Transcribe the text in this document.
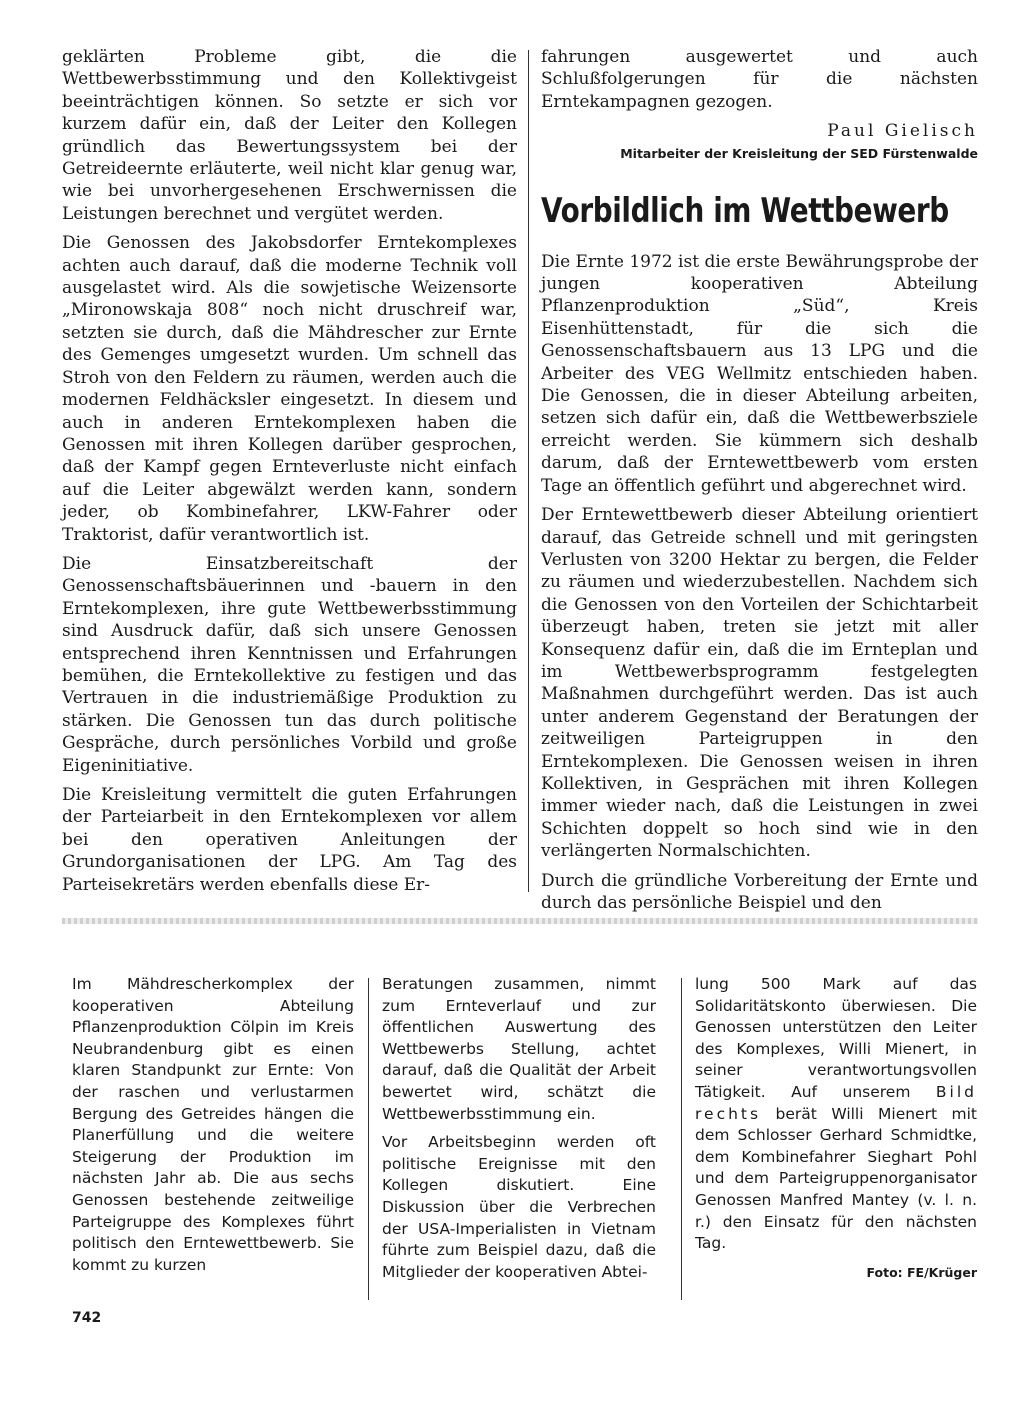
geklärten Probleme gibt, die die Wettbewerbsstimmung und den Kollektivgeist beeinträchtigen können. So setzte er sich vor kurzem dafür ein, daß der Leiter den Kollegen gründlich das Bewertungssystem bei der Getreideernte erläuterte, weil nicht klar genug war, wie bei unvorhergesehenen Erschwernissen die Leistungen berechnet und vergütet werden.

Die Genossen des Jakobsdorfer Erntekomplexes achten auch darauf, daß die moderne Technik voll ausgelastet wird. Als die sowjetische Weizensorte „Mironowskaja 808“ noch nicht druschreif war, setzten sie durch, daß die Mähdrescher zur Ernte des Gemenges umgesetzt wurden. Um schnell das Stroh von den Feldern zu räumen, werden auch die modernen Feldhäcksler eingesetzt. In diesem und auch in anderen Erntekomplexen haben die Genossen mit ihren Kollegen darüber gesprochen, daß der Kampf gegen Ernteverluste nicht einfach auf die Leiter abgewälzt werden kann, sondern jeder, ob Kombinefahrer, LKW-Fahrer oder Traktorist, dafür verantwortlich ist.

Die Einsatzbereitschaft der Genossenschaftsbäuerinnen und -bauern in den Erntekomplexen, ihre gute Wettbewerbsstimmung sind Ausdruck dafür, daß sich unsere Genossen entsprechend ihren Kenntnissen und Erfahrungen bemühen, die Erntekollektive zu festigen und das Vertrauen in die industriemäßige Produktion zu stärken. Die Genossen tun das durch politische Gespräche, durch persönliches Vorbild und große Eigeninitiative.

Die Kreisleitung vermittelt die guten Erfahrungen der Parteiarbeit in den Erntekomplexen vor allem bei den operativen Anleitungen der Grundorganisationen der LPG. Am Tag des Parteisekretärs werden ebenfalls diese Er-

fahrungen ausgewertet und auch Schlußfolgerungen für die nächsten Erntekampagnen gezogen.

Paul Gielisch
Mitarbeiter der Kreisleitung der SED Fürstenwalde
Vorbildlich im Wettbewerb

Die Ernte 1972 ist die erste Bewährungsprobe der jungen kooperativen Abteilung Pflanzenproduktion „Süd“, Kreis Eisenhüttenstadt, für die sich die Genossenschaftsbauern aus 13 LPG und die Arbeiter des VEG Wellmitz entschieden haben. Die Genossen, die in dieser Abteilung arbeiten, setzen sich dafür ein, daß die Wettbewerbsziele erreicht werden. Sie kümmern sich deshalb darum, daß der Erntewettbewerb vom ersten Tage an öffentlich geführt und abgerechnet wird.

Der Erntewettbewerb dieser Abteilung orientiert darauf, das Getreide schnell und mit geringsten Verlusten von 3200 Hektar zu bergen, die Felder zu räumen und wiederzubestellen. Nachdem sich die Genossen von den Vorteilen der Schichtarbeit überzeugt haben, treten sie jetzt mit aller Konsequenz dafür ein, daß die im Ernteplan und im Wettbewerbsprogramm festgelegten Maßnahmen durchgeführt werden. Das ist auch unter anderem Gegenstand der Beratungen der zeitweiligen Parteigruppen in den Erntekomplexen. Die Genossen weisen in ihren Kollektiven, in Gesprächen mit ihren Kollegen immer wieder nach, daß die Leistungen in zwei Schichten doppelt so hoch sind wie in den verlängerten Normalschichten.

Durch die gründliche Vorbereitung der Ernte und durch das persönliche Beispiel und den

Im Mähdrescherkomplex der kooperativen Abteilung Pflanzenproduktion Cölpin im Kreis Neubrandenburg gibt es einen klaren Standpunkt zur Ernte: Von der raschen und verlustarmen Bergung des Getreides hängen die Planerfüllung und die weitere Steigerung der Produktion im nächsten Jahr ab. Die aus sechs Genossen bestehende zeitweilige Parteigruppe des Komplexes führt politisch den Erntewettbewerb. Sie kommt zu kurzen

Beratungen zusammen, nimmt zum Ernteverlauf und zur öffentlichen Auswertung des Wettbewerbs Stellung, achtet darauf, daß die Qualität der Arbeit bewertet wird, schätzt die Wettbewerbsstimmung ein.

Vor Arbeitsbeginn werden oft politische Ereignisse mit den Kollegen diskutiert. Eine Diskussion über die Verbrechen der USA-Imperialisten in Vietnam führte zum Beispiel dazu, daß die Mitglieder der kooperativen Abtei-

lung 500 Mark auf das Solidaritätskonto überwiesen. Die Genossen unterstützen den Leiter des Komplexes, Willi Mienert, in seiner verantwortungsvollen Tätigkeit. Auf unserem Bild rechts berät Willi Mienert mit dem Schlosser Gerhard Schmidtke, dem Kombinefahrer Sieghart Pohl und dem Parteigruppenorganisator Genossen Manfred Mantey (v. l. n. r.) den Einsatz für den nächsten Tag.

Foto: FE/Krüger
742
